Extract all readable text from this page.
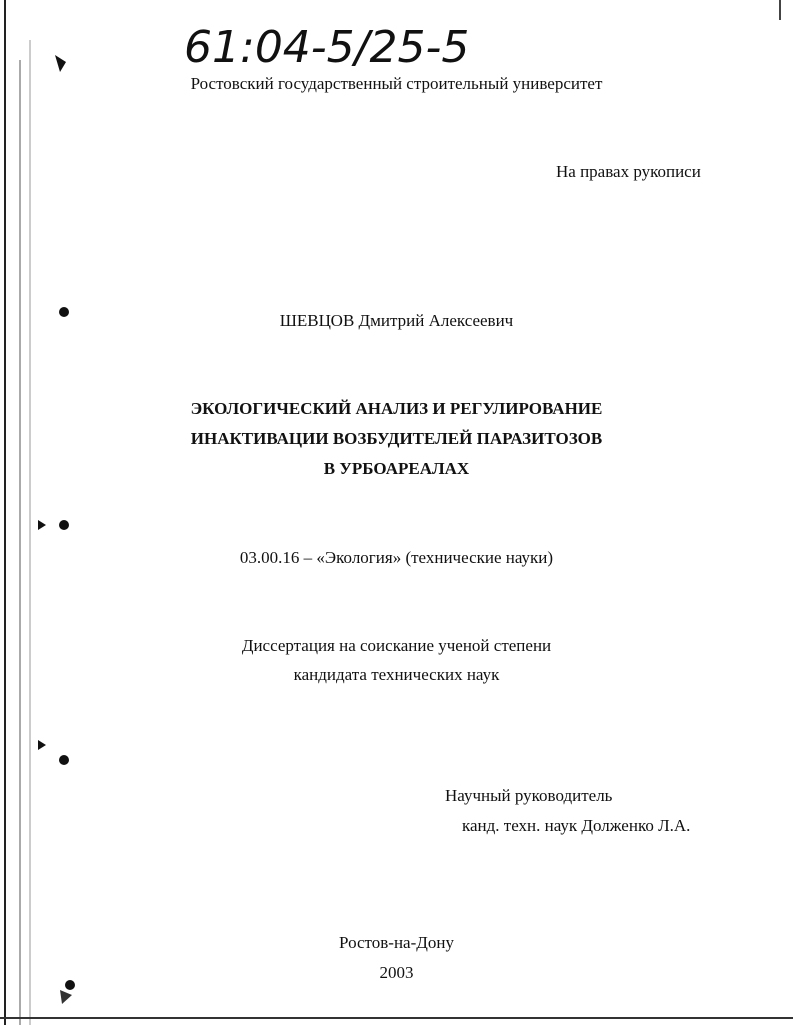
61:04-5/25-5
Ростовский государственный строительный университет
На правах рукописи
ШЕВЦОВ Дмитрий Алексеевич
ЭКОЛОГИЧЕСКИЙ АНАЛИЗ И РЕГУЛИРОВАНИЕ
ИНАКТИВАЦИИ ВОЗБУДИТЕЛЕЙ ПАРАЗИТОЗОВ
В УРБОАРЕАЛАХ
03.00.16 – «Экология» (технические науки)
Диссертация на соискание ученой степени
кандидата технических наук
Научный руководитель
канд. техн. наук Долженко Л.А.
Ростов-на-Дону
2003
